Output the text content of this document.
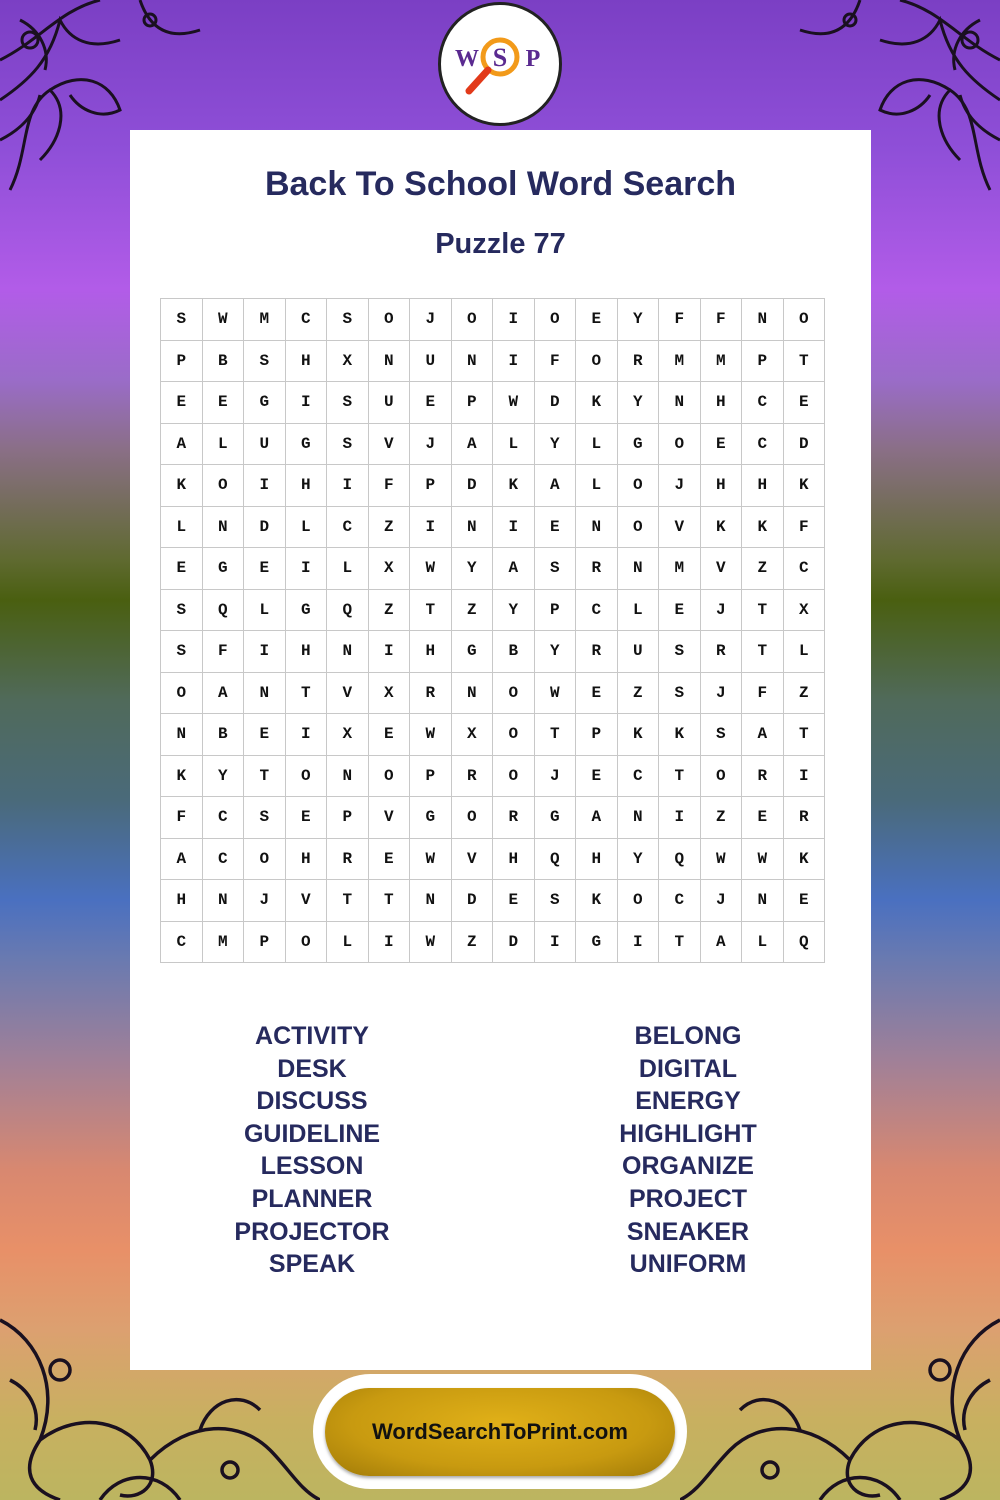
W S P
Back To School Word Search
Puzzle 77
S	W	M	C	S	O	J	O	I	O	E	Y	F	F	N	O
P	B	S	H	X	N	U	N	I	F	O	R	M	M	P	T
E	E	G	I	S	U	E	P	W	D	K	Y	N	H	C	E
A	L	U	G	S	V	J	A	L	Y	L	G	O	E	C	D
K	O	I	H	I	F	P	D	K	A	L	O	J	H	H	K
L	N	D	L	C	Z	I	N	I	E	N	O	V	K	K	F
E	G	E	I	L	X	W	Y	A	S	R	N	M	V	Z	C
S	Q	L	G	Q	Z	T	Z	Y	P	C	L	E	J	T	X
S	F	I	H	N	I	H	G	B	Y	R	U	S	R	T	L
O	A	N	T	V	X	R	N	O	W	E	Z	S	J	F	Z
N	B	E	I	X	E	W	X	O	T	P	K	K	S	A	T
K	Y	T	O	N	O	P	R	O	J	E	C	T	O	R	I
F	C	S	E	P	V	G	O	R	G	A	N	I	Z	E	R
A	C	O	H	R	E	W	V	H	Q	H	Y	Q	W	W	K
H	N	J	V	T	T	N	D	E	S	K	O	C	J	N	E
C	M	P	O	L	I	W	Z	D	I	G	I	T	A	L	Q
ACTIVITY
DESK
DISCUSS
GUIDELINE
LESSON
PLANNER
PROJECTOR
SPEAK
BELONG
DIGITAL
ENERGY
HIGHLIGHT
ORGANIZE
PROJECT
SNEAKER
UNIFORM
WordSearchToPrint.com
